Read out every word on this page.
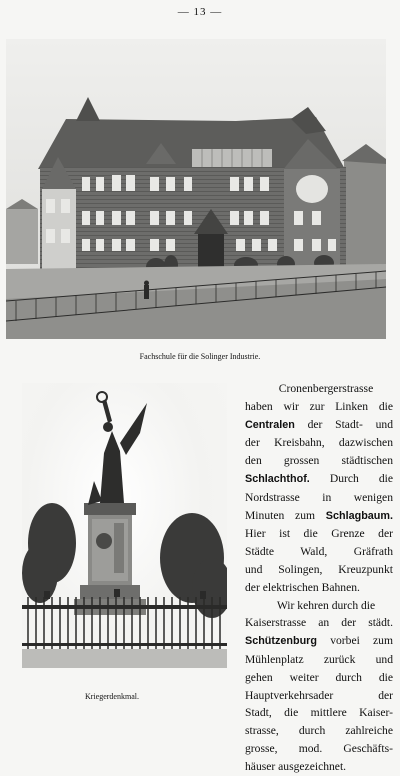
— 13 —
Fachschule für die Solinger Industrie.
Kriegerdenkmal.
Cronenbergerstrasse
haben wir zur Linken die
Centralen der Stadt- und
der Kreisbahn, dazwischen
den grossen städtischen
Schlachthof. Durch die
Nordstrasse in wenigen
Minuten zum Schlagbaum.
Hier ist die Grenze der
Städte Wald, Gräfrath
und Solingen, Kreuzpunkt
der elektrischen Bahnen.
Wir kehren durch die
Kaiserstrasse an der städt.
Schützenburg vorbei zum
Mühlenplatz zurück und
gehen weiter durch die
Hauptverkehrsader der
Stadt, die mittlere Kaiser-
strasse, durch zahlreiche
grosse, mod. Geschäfts-
häuser ausgezeichnet.
